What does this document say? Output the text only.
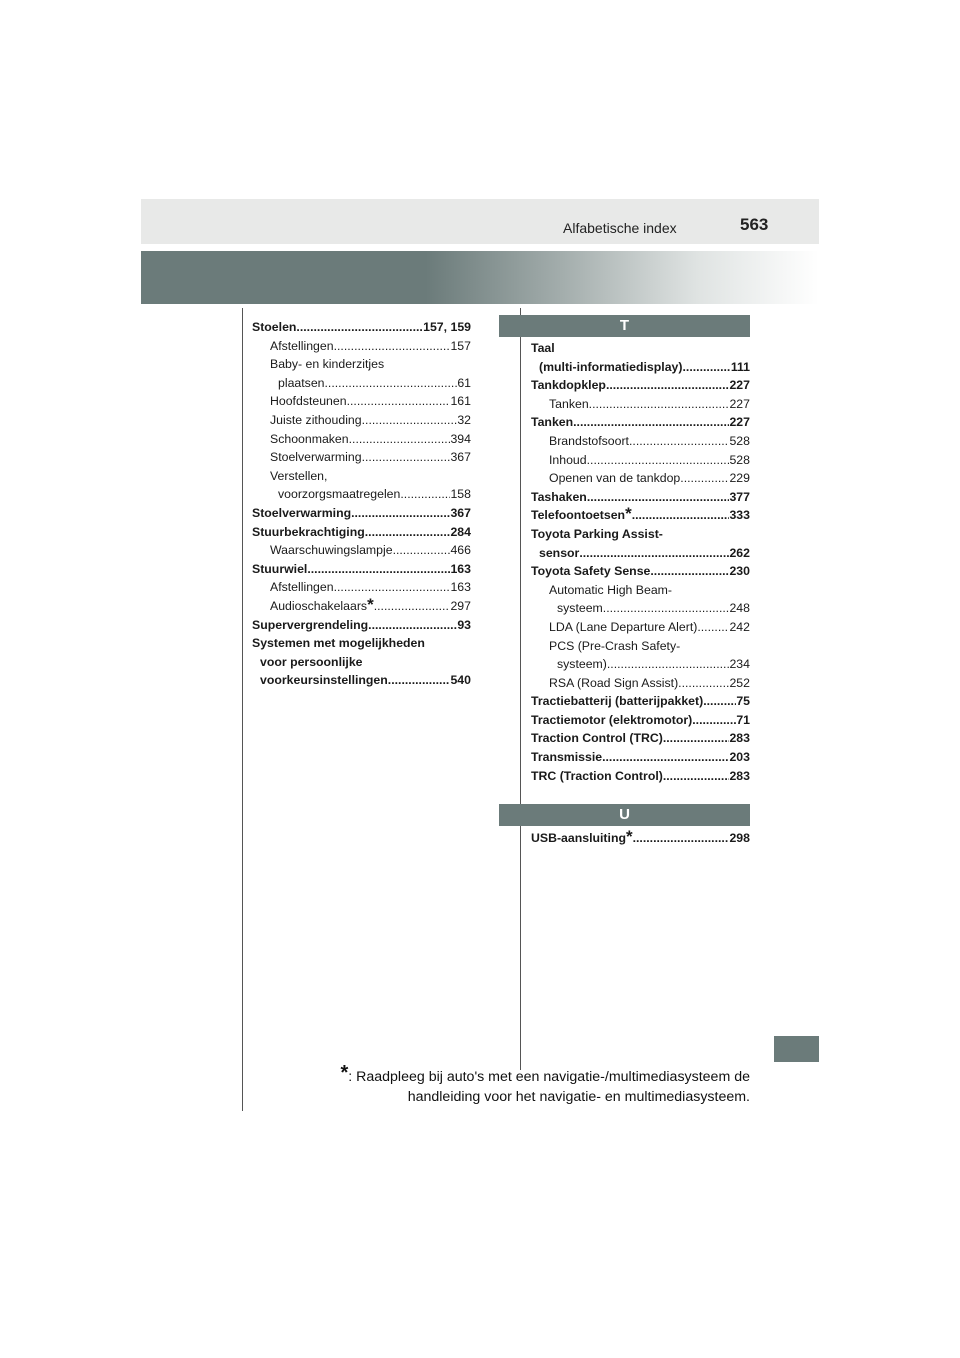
Alfabetische index	563
Stoelen .....	157, 159
Afstellingen .....	157
Baby- en kinderzitjes
plaatsen .....	61
Hoofdsteunen. .....	161
Juiste zithouding .....	32
Schoonmaken .....	394
Stoelverwarming .....	367
Verstellen,
voorzorgsmaatregelen .....	158
Stoelverwarming .....	367
Stuurbekrachtiging .....	284
Waarschuwingslampje .....	466
Stuurwiel .....	163
Afstellingen .....	163
Audioschakelaars * .....	297
Supervergrendeling .....	93
Systemen met mogelijkheden
voor persoonlijke
voorkeursinstellingen .....	540
T
Taal
(multi-informatiedisplay) .....	111
Tankdopklep .....	227
Tanken .....	227
Tanken .....	227
Brandstofsoort .....	528
Inhoud .....	528
Openen van de tankdop .....	229
Tashaken .....	377
Telefoontoetsen * .....	333
Toyota Parking Assist-
sensor .....	262
Toyota Safety Sense .....	230
Automatic High Beam-
systeem .....	248
LDA (Lane Departure Alert) .....	242
PCS (Pre-Crash Safety-
systeem) .....	234
RSA (Road Sign Assist) .....	252
Tractiebatterij (batterijpakket) .....	75
Tractiemotor (elektromotor) .....	71
Traction Control (TRC) .....	283
Transmissie .....	203
TRC (Traction Control) .....	283
U
USB-aansluiting * .....	298
*: Raadpleeg bij auto's met een navigatie-/multimediasysteem de
handleiding voor het navigatie- en multimediasysteem.
